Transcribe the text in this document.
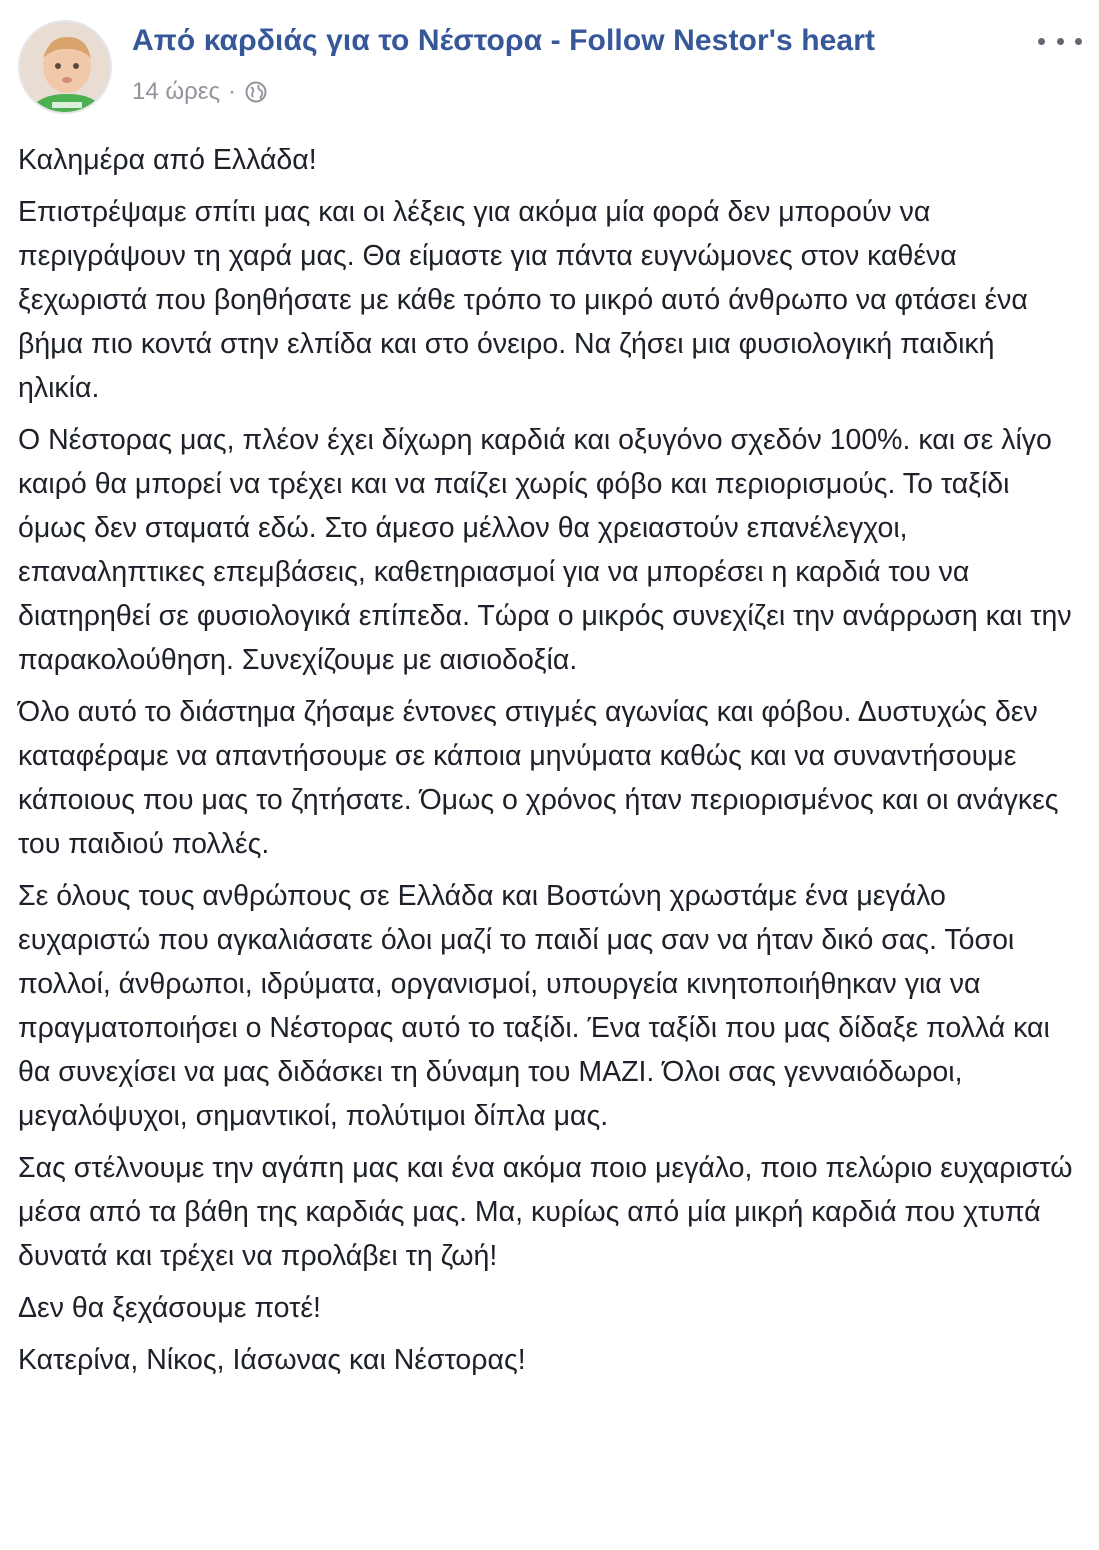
Από καρδιάς για το Νέστορα - Follow Nestor's heart
14 ώρες ·

Καλημέρα από Ελλάδα!

Επιστρέψαμε σπίτι μας και οι λέξεις για ακόμα μία φορά δεν μπορούν να περιγράψουν τη χαρά μας. Θα είμαστε για πάντα ευγνώμονες στον καθένα ξεχωριστά που βοηθήσατε με κάθε τρόπο το μικρό αυτό άνθρωπο να φτάσει ένα βήμα πιο κοντά στην ελπίδα και στο όνειρο. Να ζήσει μια φυσιολογική παιδική ηλικία.

Ο Νέστορας μας, πλέον έχει δίχωρη καρδιά και οξυγόνο σχεδόν 100%. και σε λίγο καιρό θα μπορεί να τρέχει και να παίζει χωρίς φόβο και περιορισμούς. Το ταξίδι όμως δεν σταματά εδώ. Στο άμεσο μέλλον θα χρειαστούν επανέλεγχοι, επαναληπτικες επεμβάσεις, καθετηριασμοί για να μπορέσει η καρδιά του να διατηρηθεί σε φυσιολογικά επίπεδα. Τώρα ο μικρός συνεχίζει την ανάρρωση και την παρακολούθηση. Συνεχίζουμε με αισιοδοξία.

Όλο αυτό το διάστημα ζήσαμε έντονες στιγμές αγωνίας και φόβου. Δυστυχώς δεν καταφέραμε να απαντήσουμε σε κάποια μηνύματα καθώς και να συναντήσουμε κάποιους που μας το ζητήσατε. Όμως ο χρόνος ήταν περιορισμένος και οι ανάγκες του παιδιού πολλές.

Σε όλους τους ανθρώπους σε Ελλάδα και Βοστώνη χρωστάμε ένα μεγάλο ευχαριστώ που αγκαλιάσατε όλοι μαζί το παιδί μας σαν να ήταν δικό σας. Τόσοι πολλοί, άνθρωποι, ιδρύματα, οργανισμοί, υπουργεία κινητοποιήθηκαν για να πραγματοποιήσει ο Νέστορας αυτό το ταξίδι. Ένα ταξίδι που μας δίδαξε πολλά και θα συνεχίσει να μας διδάσκει τη δύναμη του ΜΑΖΙ. Όλοι σας γενναιόδωροι, μεγαλόψυχοι, σημαντικοί, πολύτιμοι δίπλα μας.

Σας στέλνουμε την αγάπη μας και ένα ακόμα ποιο μεγάλο, ποιο πελώριο ευχαριστώ μέσα από τα βάθη της καρδιάς μας. Μα, κυρίως από μία μικρή καρδιά που χτυπά δυνατά και τρέχει να προλάβει τη ζωή!

Δεν θα ξεχάσουμε ποτέ!

Κατερίνα, Νίκος, Ιάσωνας και Νέστορας!
